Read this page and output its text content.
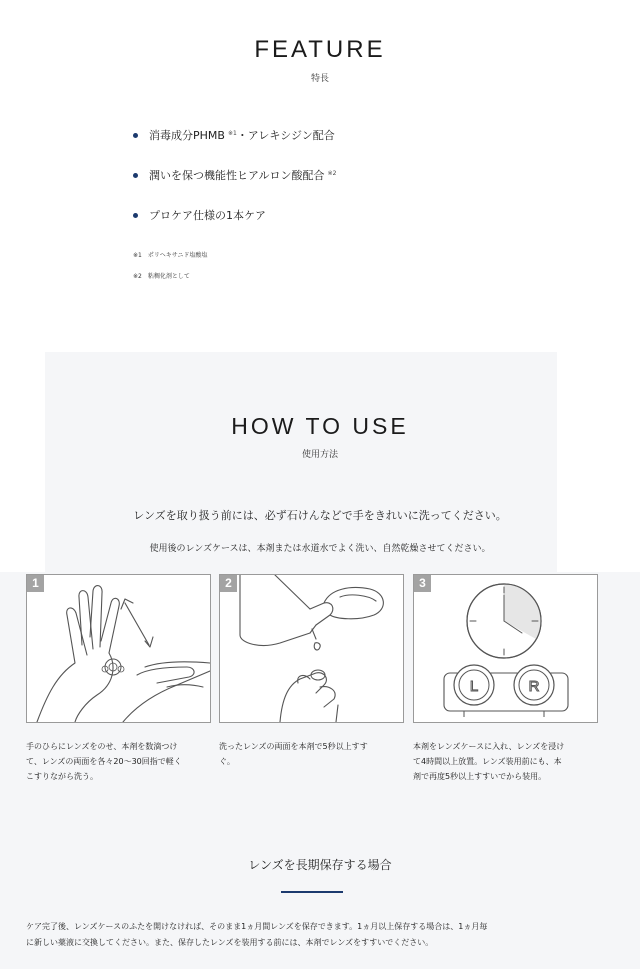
FEATURE
特長
消毒成分PHMB $^{※1}$ ・アレキシジン配合
潤いを保つ機能性ヒアルロン酸配合 $^{※2}$
プロケア仕様の1本ケア
※1　ポリヘキサニド塩酸塩
※2　粘稠化剤として
HOW TO USE
使用方法
レンズを取り扱う前には、必ず石けんなどで手をきれいに洗ってください。
使用後のレンズケースは、本剤または水道水でよく洗い、自然乾燥させてください。
1	2
L	R
3
手のひらにレンズをのせ、本剤を数滴つけ
て、レンズの両面を各々20～30回指で軽く
こすりながら洗う。
洗ったレンズの両面を本剤で5秒以上すす
ぐ。
本剤をレンズケースに入れ、レンズを浸け
て4時間以上放置。レンズ装用前にも、本
剤で再度5秒以上すすいでから装用。
レンズを長期保存する場合
ケア完了後、レンズケースのふたを開けなければ、そのまま1ヵ月間レンズを保存できます。1ヵ月以上保存する場合は、1ヵ月毎
に新しい薬液に交換してください。また、保存したレンズを装用する前には、本剤でレンズをすすいでください。
